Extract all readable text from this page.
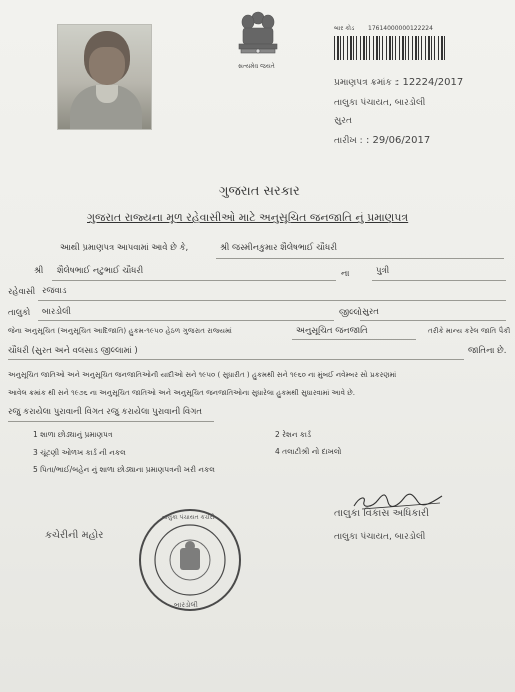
સત્યમેવ જયતે
બાર કોડ 17614000000122224
પ્રમાણપત્ર ક્રમાંક :
: 12224/2017
તાલુકા પંચાયત, બારડોલી
સુરત
તારીખ : : 29/06/2017
ગુજરાત સરકાર
ગુજરાત રાજ્યના મૂળ રહેવાસીઓ માટે અનુસૂચિત જનજાતિ નું પ્રમાણપત્ર
આથી પ્રમાણપત્ર આપવામાં આવે છે કે,	શ્રી જસ્મીનકુમાર શૈલેષભાઈ ચૌધરી
શ્રી શૈલેષભાઈ નટુભાઈ ચૌધરી	ના	પુત્રી
રહેવાસી રજવાડ
તાલુકો બારડોલી	જીલ્લો સુરત
જેના અનુસૂચિત (અનુસૂચિત આદિજાતિ) હુકમ-૧૯૫૦ હેઠળ ગુજરાત રાજ્યમાં	અનુસૂચિત જનજાતિ	તરીકે માન્ય કરેલ જાતિ પૈકી
ચૌધરી (સુરત અને વલસાડ જીલ્લામાં )	જાતિના છે.
અનુસૂચિત જાતિઓ અને અનુસૂચિત જનજાતિઓની યાદીઓ સને ૧૯૫૦ ( સુધારીત ) હુકમથી સને ૧૯૬૦ ના મુંબઈ નવેમ્બર સો પ્રકરણમાં
આવેલ ક્રમાંક થી સને ૧૯૭૬ ના અનુસૂચિત જાતિઓ અને અનુસૂચિત જનજાતિઓના સુધારેલા હુકમથી સુધારવામાં આવે છે.
રજુ કરાયેલા પુરાવાની વિગત રજુ કરાયેલા પુરાવાની વિગત
1 શાળા છોડ્યાનું પ્રમાણપત્ર	2 રેશન કાર્ડ
3 ચૂંટણી ઓળખ કાર્ડ ની નકલ	4 તલાટીશ્રી નો દાખલો
5 પિતા/ભાઈ/બહેન નું શાળા છોડ્યાના પ્રમાણપત્રની ખરી નકલ
કચેરીની મહોર
તાલુકા વિકાસ અધિકારી
તાલુકા પંચાયત, બારડોલી
તાલુકા પંચાયત કચેરી
બારડોલી
